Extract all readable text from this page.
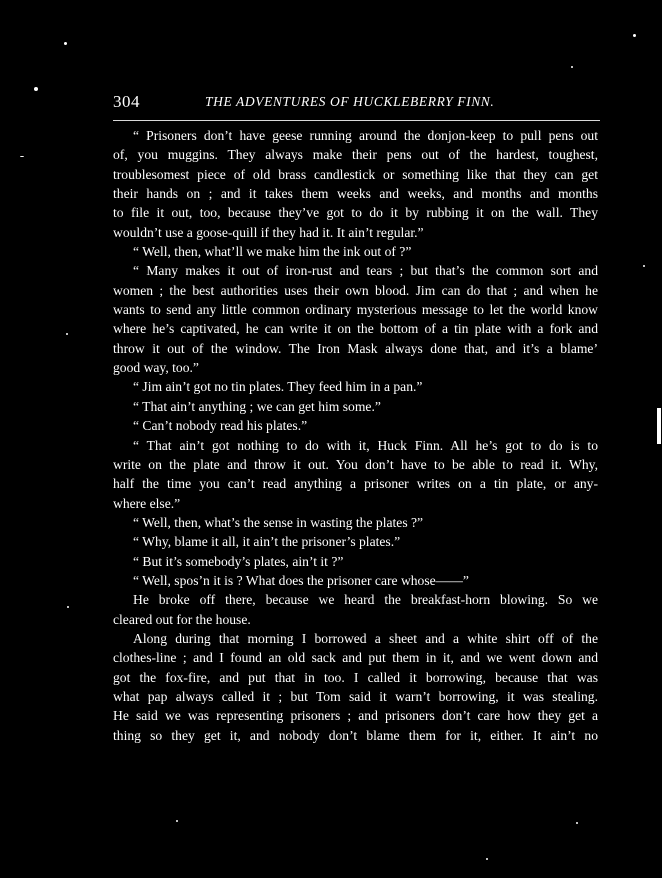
304	THE ADVENTURES OF HUCKLEBERRY FINN.
“ Prisoners don’t have geese running around the donjon-keep to pull pens out
of, you muggins. They always make their pens out of the hardest, toughest,
troublesomest piece of old brass candlestick or something like that they can get
their hands on ; and it takes them weeks and weeks, and months and months
to file it out, too, because they’ve got to do it by rubbing it on the wall. They
wouldn’t use a goose-quill if they had it. It ain’t regular.”
“ Well, then, what’ll we make him the ink out of ?”
“ Many makes it out of iron-rust and tears ; but that’s the common sort and
women ; the best authorities uses their own blood. Jim can do that ; and when he
wants to send any little common ordinary mysterious message to let the world know
where he’s captivated, he can write it on the bottom of a tin plate with a fork and
throw it out of the window. The Iron Mask always done that, and it’s a blame’
good way, too.”
“ Jim ain’t got no tin plates. They feed him in a pan.”
“ That ain’t anything ; we can get him some.”
“ Can’t nobody read his plates.”
“ That ain’t got nothing to do with it, Huck Finn. All he’s got to do is to
write on the plate and throw it out. You don’t have to be able to read it. Why,
half the time you can’t read anything a prisoner writes on a tin plate, or any-
where else.”
“ Well, then, what’s the sense in wasting the plates ?”
“ Why, blame it all, it ain’t the prisoner’s plates.”
“ But it’s somebody’s plates, ain’t it ?”
“ Well, spos’n it is ? What does the prisoner care whose——”
He broke off there, because we heard the breakfast-horn blowing. So we
cleared out for the house.
Along during that morning I borrowed a sheet and a white shirt off of the
clothes-line ; and I found an old sack and put them in it, and we went down and
got the fox-fire, and put that in too. I called it borrowing, because that was
what pap always called it ; but Tom said it warn’t borrowing, it was stealing.
He said we was representing prisoners ; and prisoners don’t care how they get a
thing so they get it, and nobody don’t blame them for it, either. It ain’t no
